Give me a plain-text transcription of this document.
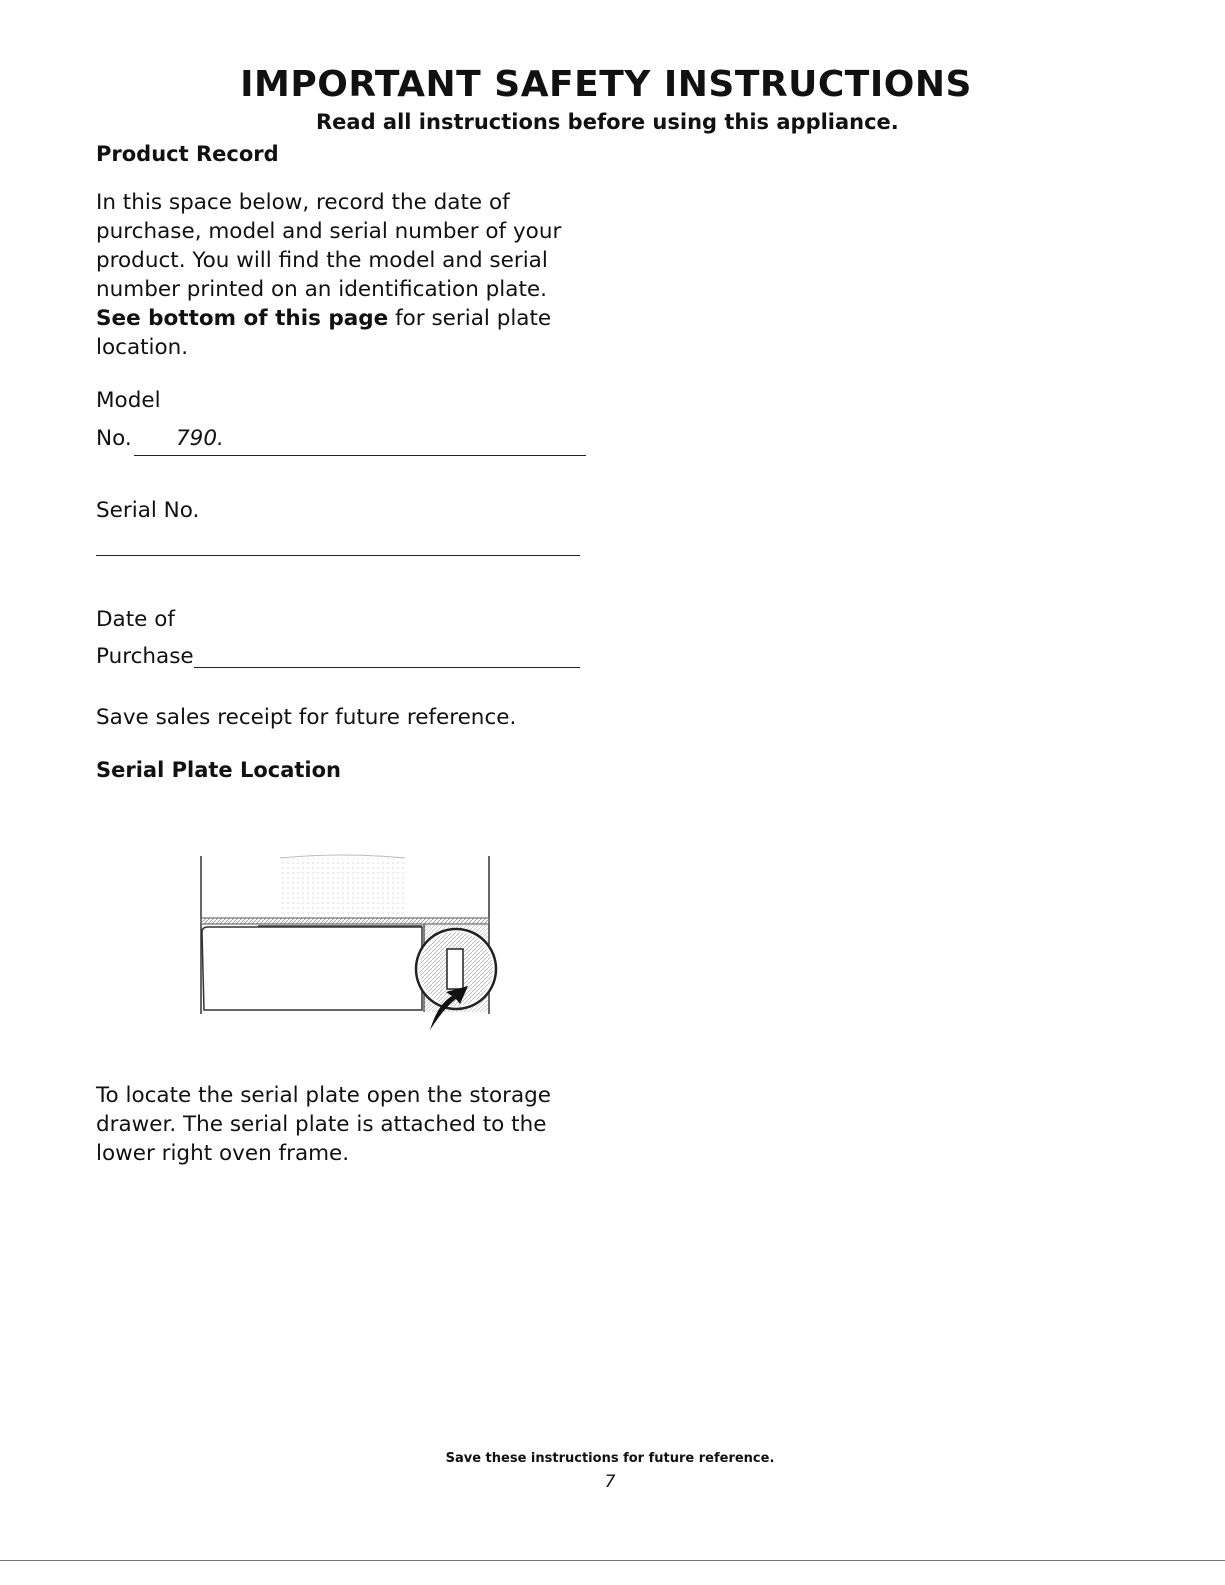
IMPORTANT SAFETY INSTRUCTIONS
Read all instructions before using this appliance.
Product Record
In this space below, record the date of
purchase, model and serial number of your
product. You will find the model and serial
number printed on an identification plate.
See bottom of this page for serial plate
location.
Model
No. 790.
Serial No.
Date of
Purchase
Save sales receipt for future reference.
Serial Plate Location
To locate the serial plate open the storage
drawer. The serial plate is attached to the
lower right oven frame.
Save these instructions for future reference.
7
